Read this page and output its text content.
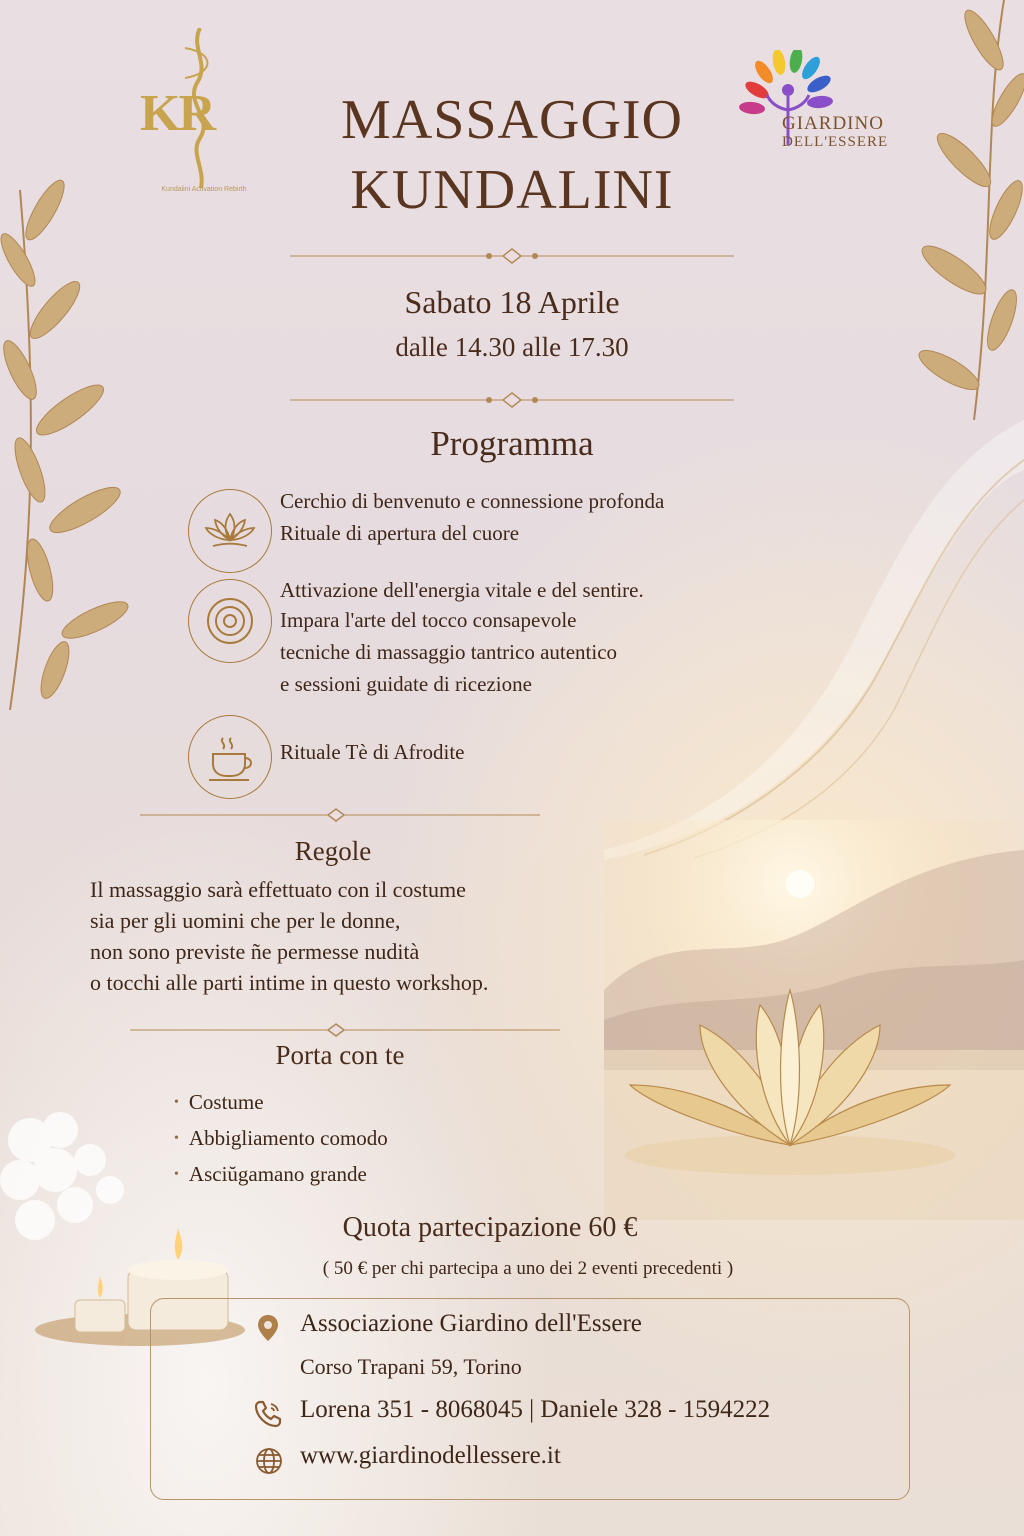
KR
Kundalini Activation Rebirth
GIARDINO
DELL'ESSERE
MASSAGGIO
KUNDALINI
Sabato 18 Aprile
dalle 14.30 alle 17.30
Programma
Cerchio di benvenuto e connessione profonda
Rituale di apertura del cuore
Attivazione dell'energia vitale e del sentire.
Impara l'arte del tocco consapevole
tecniche di massaggio tantrico autentico
e sessioni guidate di ricezione
Rituale Tè di Afrodite
Regole
Il massaggio sarà effettuato con il costume
sia per gli uomini che per le donne,
non sono previste ñe permesse nudità
o tocchi alle parti intime in questo workshop.
Porta con te
• Costume
• Abbigliamento comodo
• Asciŭgamano grande
Quota partecipazione 60 €
( 50 € per chi partecipa a uno dei 2 eventi precedenti )
Associazione Giardino dell'Essere
Corso Trapani 59, Torino
Lorena 351 - 8068045 | Daniele 328 - 1594222
www.giardinodellessere.it
